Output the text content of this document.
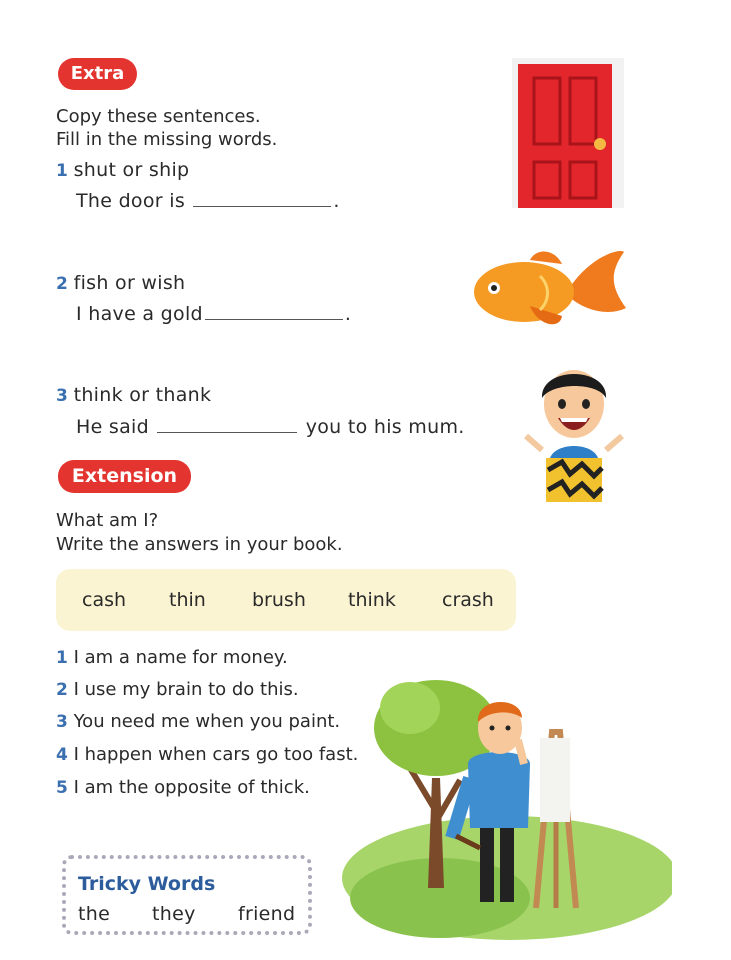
Extra
Copy these sentences.
Fill in the missing words.
1 shut or ship
The door is	.
2 fish or wish
I have a gold	.
3 think or thank
He said	you to his mum.
Extension
What am I?
Write the answers in your book.
cash thin brush think crash
1 I am a name for money.
2 I use my brain to do this.
3 You need me when you paint.
4 I happen when cars go too fast.
5 I am the opposite of thick.
Tricky Words
the they friend
